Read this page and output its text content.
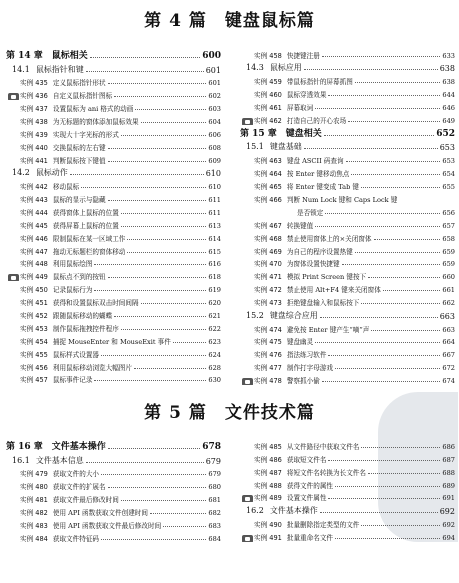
第 4 篇　键盘鼠标篇
第 14 章　鼠标相关	600
14.1 鼠标指针和键	601
实例 435 定义鼠标指针形状	601
实例 436 自定义鼠标指针图标	602
实例 437 设置鼠标为 ani 格式的动画	603
实例 438 为无标题的窗体添加鼠标效果	604
实例 439 实现大十字光标的形式	606
实例 440 交换鼠标的左右键	608
实例 441 判断鼠标按下键值	609
14.2 鼠标动作	610
实例 442 移动鼠标	610
实例 443 鼠标的显示与隐藏	611
实例 444 获得窗体上鼠标的位置	611
实例 445 获得屏幕上鼠标的位置	613
实例 446 限制鼠标在某一区域工作	614
实例 447 拖动无标题栏的窗体移动	615
实例 448 利用鼠标绘图	616
实例 449 鼠标点不到的按钮	618
实例 450 记录鼠标行为	619
实例 451 获得和设置鼠标双击时间间隔	620
实例 452 跟随鼠标移动的蝴蝶	621
实例 453 制作鼠标拖拽控件程序	622
实例 454 捕捉 MouseEnter 和 MouseExit 事件	623
实例 455 鼠标样式设置器	624
实例 456 利用鼠标移动浏览大幅图片	628
实例 457 鼠标事件记录	630
实例 458 快捷键注册	633
14.3 鼠标应用	638
实例 459 带鼠标指针的屏幕抓图	638
实例 460 鼠标穿透效果	644
实例 461 屏幕取词	646
实例 462 打造自己的开心农场	649
第 15 章　键盘相关	652
15.1 键盘基础	653
实例 463 键盘 ASCII 码查询	653
实例 464 按 Enter 键移动焦点	654
实例 465 将 Enter 键变成 Tab 键	655
实例 466 判断 Num Lock 键和 Caps Lock 键
是否锁定	656
实例 467 转换键值	657
实例 468 禁止使用窗体上的×关闭窗体	658
实例 469 为自己的程序设置热键	659
实例 470 为窗体设置快捷键	659
实例 471 模拟 Print Screen 键按下	660
实例 472 禁止使用 Alt+F4 键来关闭窗体	661
实例 473 拒绝键盘输入和鼠标按下	662
15.2 键盘综合应用	663
实例 474 避免按 Enter 键产生“嘀”声	663
实例 475 键盘幽灵	664
实例 476 指法练习软件	667
实例 477 制作打字母游戏	672
实例 478 警察抓小偷	674
第 5 篇　文件技术篇
第 16 章　文件基本操作	678
16.1 文件基本信息	679
实例 479 获取文件的大小	679
实例 480 获取文件的扩展名	680
实例 481 获取文件最后修改时间	681
实例 482 使用 API 函数获取文件创建时间	682
实例 483 使用 API 函数获取文件最后修改时间	683
实例 484 获取文件特征码	684
实例 485 从文件路径中获取文件名	686
实例 486 获取短文件名	687
实例 487 将短文件名转换为长文件名	688
实例 488 获得文件的属性	689
实例 489 设置文件属性	691
16.2 文件基本操作	692
实例 490 批量删除指定类型的文件	692
实例 491 批量重命名文件	694
